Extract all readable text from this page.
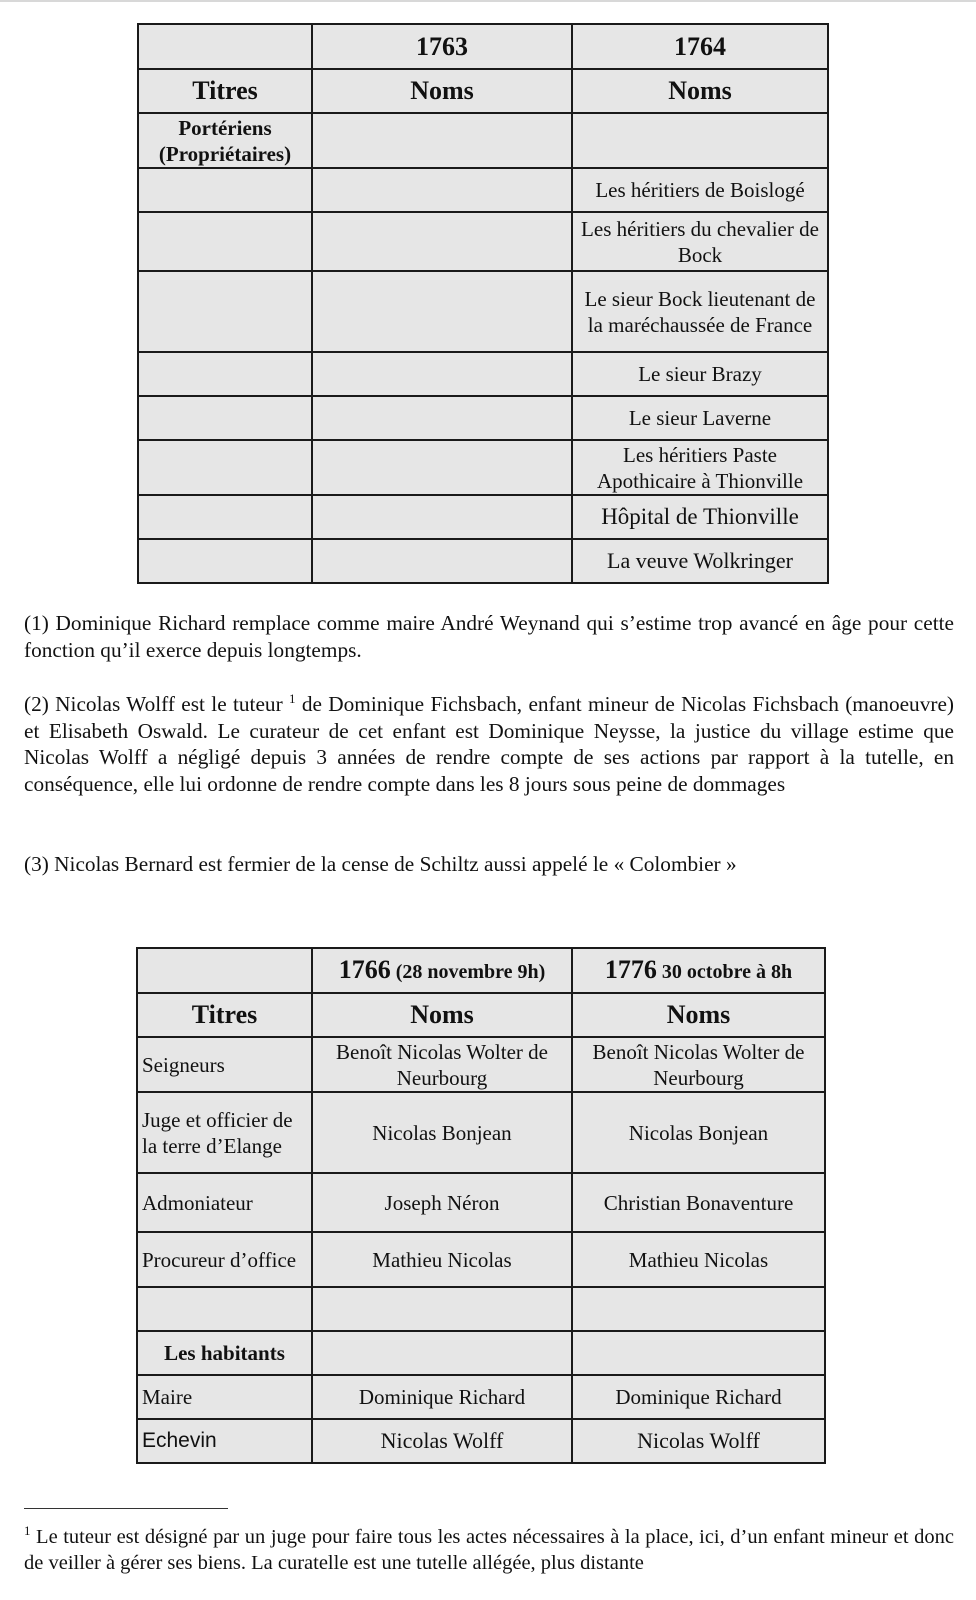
	1763	1764
Titres	Noms	Noms
Portériens (Propriétaires)		
		Les héritiers de Boislogé
		Les héritiers du chevalier de Bock
		Le sieur Bock lieutenant de la maréchaussée de France
		Le sieur Brazy
		Le sieur Laverne
		Les héritiers Paste Apothicaire à Thionville
		Hôpital de Thionville
		La veuve Wolkringer

(1) Dominique Richard remplace comme maire André Weynand qui s’estime trop avancé en âge pour cette fonction qu’il exerce depuis longtemps.

(2) Nicolas Wolff est le tuteur $^1$ de Dominique Fichsbach, enfant mineur de Nicolas Fichsbach (manoeuvre) et Elisabeth Oswald. Le curateur de cet enfant est Dominique Neysse, la justice du village estime que Nicolas Wolff a négligé depuis 3 années de rendre compte de ses actions par rapport à la tutelle, en conséquence, elle lui ordonne de rendre compte dans les 8 jours sous peine de dommages

(3) Nicolas Bernard est fermier de la cense de Schiltz aussi appelé le « Colombier »

	1766 (28 novembre 9h)	1776 30 octobre à 8h
Titres	Noms	Noms
Seigneurs	Benoît Nicolas Wolter de Neurbourg	Benoît Nicolas Wolter de Neurbourg
Juge et officier de la terre d’Elange	Nicolas Bonjean	Nicolas Bonjean
Admoniateur	Joseph Néron	Christian Bonaventure
Procureur d’office	Mathieu Nicolas	Mathieu Nicolas

Les habitants		
Maire	Dominique Richard	Dominique Richard
Echevin	Nicolas Wolff	Nicolas Wolff

$^1$ Le tuteur est désigné par un juge pour faire tous les actes nécessaires à la place, ici, d’un enfant mineur et donc de veiller à gérer ses biens. La curatelle est une tutelle allégée, plus distante
